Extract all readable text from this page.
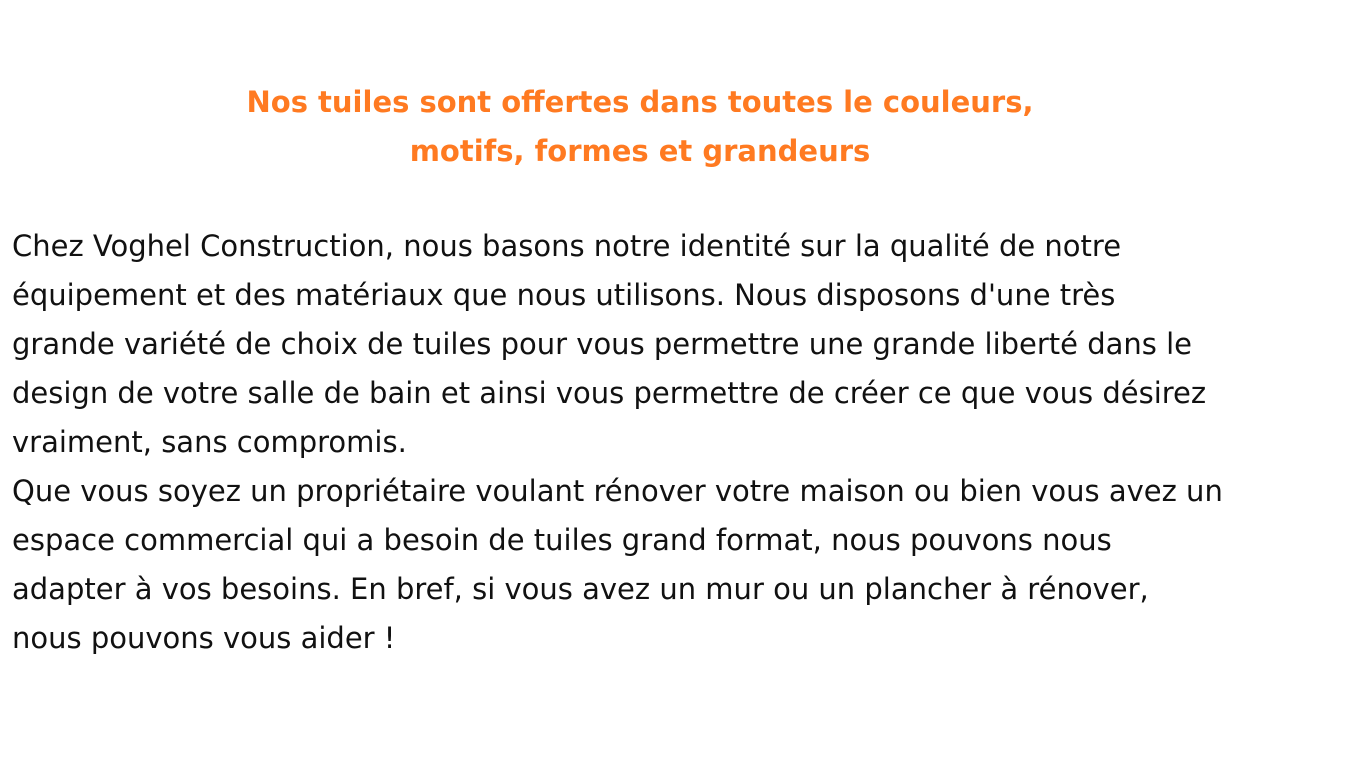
Nos tuiles sont offertes dans toutes le couleurs,
motifs, formes et grandeurs

Chez Voghel Construction, nous basons notre identité sur la qualité de notre
équipement et des matériaux que nous utilisons. Nous disposons d'une très
grande variété de choix de tuiles pour vous permettre une grande liberté dans le
design de votre salle de bain et ainsi vous permettre de créer ce que vous désirez
vraiment, sans compromis.

Que vous soyez un propriétaire voulant rénover votre maison ou bien vous avez un
espace commercial qui a besoin de tuiles grand format, nous pouvons nous
adapter à vos besoins. En bref, si vous avez un mur ou un plancher à rénover,
nous pouvons vous aider !
